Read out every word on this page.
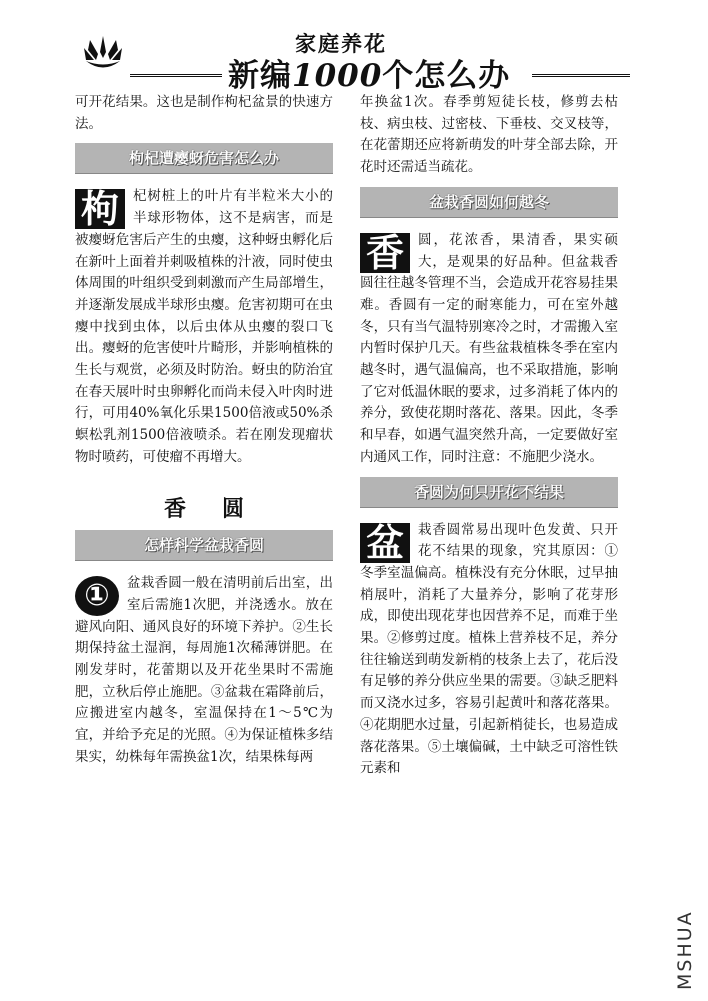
家庭养花
新编1000个怎么办

可开花结果。这也是制作枸杞盆景的快速方法。

枸杞遭瘿蚜危害怎么办

枸	杞树桩上的叶片有半粒米大小的半球形物体，这不是病害，而是被瘿蚜危害后产生的虫瘿，这种蚜虫孵化后在新叶上面着并刺吸植株的汁液，同时使虫体周围的叶组织受到刺激而产生局部增生，并逐渐发展成半球形虫瘿。危害初期可在虫瘿中找到虫体，以后虫体从虫瘿的裂口飞出。瘿蚜的危害使叶片畸形，并影响植株的生长与观赏，必须及时防治。蚜虫的防治宜在春天展叶时虫卵孵化而尚未侵入叶肉时进行，可用40%氧化乐果1500倍液或50%杀螟松乳剂1500倍液喷杀。若在刚发现瘤状物时喷药，可使瘤不再增大。

香圆
怎样科学盆栽香圆

①	盆栽香圆一般在清明前后出室，出室后需施1次肥，并浇透水。放在避风向阳、通风良好的环境下养护。②生长期保持盆土湿润，每周施1次稀薄饼肥。在刚发芽时，花蕾期以及开花坐果时不需施肥，立秋后停止施肥。③盆栽在霜降前后，应搬进室内越冬，室温保持在1～5℃为宜，并给予充足的光照。④为保证植株多结果实，幼株每年需换盆1次，结果株每两

年换盆1次。春季剪短徒长枝，修剪去枯枝、病虫枝、过密枝、下垂枝、交叉枝等，在花蕾期还应将新萌发的叶芽全部去除，开花时还需适当疏花。

盆栽香圆如何越冬

香	圆，花浓香，果清香，果实硕大，是观果的好品种。但盆栽香圆往往越冬管理不当，会造成开花容易挂果难。香圆有一定的耐寒能力，可在室外越冬，只有当气温特别寒冷之时，才需搬入室内暂时保护几天。有些盆栽植株冬季在室内越冬时，遇气温偏高，也不采取措施，影响了它对低温休眠的要求，过多消耗了体内的养分，致使花期时落花、落果。因此，冬季和早春，如遇气温突然升高，一定要做好室内通风工作，同时注意：不施肥少浇水。

香圆为何只开花不结果

盆	栽香圆常易出现叶色发黄、只开花不结果的现象，究其原因：①冬季室温偏高。植株没有充分休眠，过早抽梢展叶，消耗了大量养分，影响了花芽形成，即使出现花芽也因营养不足，而难于坐果。②修剪过度。植株上营养枝不足，养分往往输送到萌发新梢的枝条上去了，花后没有足够的养分供应坐果的需要。③缺乏肥料而又浇水过多，容易引起黄叶和落花落果。④花期肥水过量，引起新梢徒长，也易造成落花落果。⑤土壤偏碱，土中缺乏可溶性铁元素和

MSHUA
